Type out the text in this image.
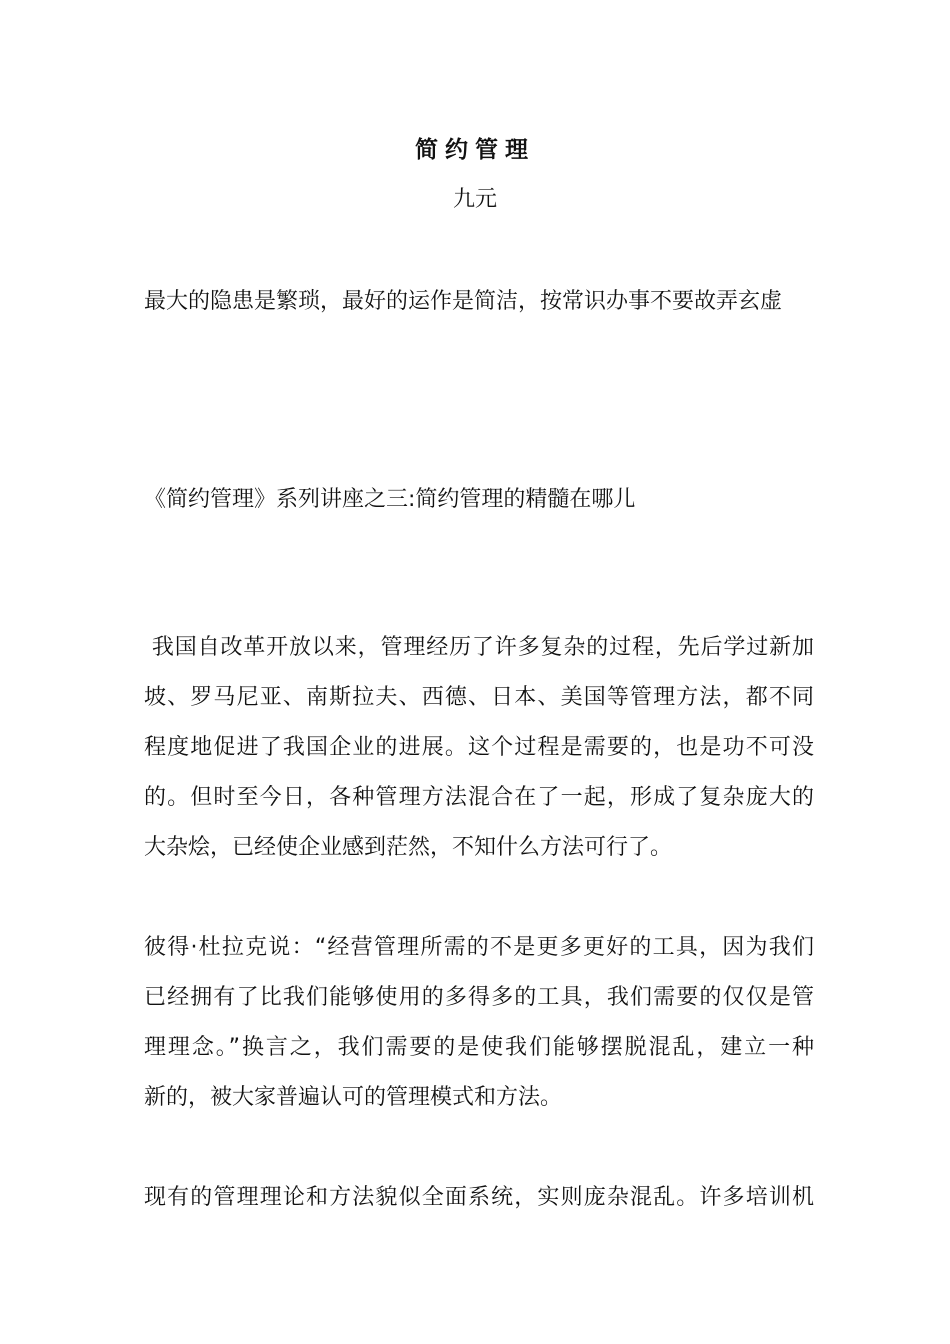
简约管理
九元
最大的隐患是繁琐，最好的运作是简洁，按常识办事不要故弄玄虚
《简约管理》系列讲座之三:简约管理的精髓在哪儿
我国自改革开放以来，管理经历了许多复杂的过程，先后学过新加
坡、罗马尼亚、南斯拉夫、西德、日本、美国等管理方法，都不同
程度地促进了我国企业的进展。这个过程是需要的，也是功不可没
的。但时至今日，各种管理方法混合在了一起，形成了复杂庞大的
大杂烩，已经使企业感到茫然，不知什么方法可行了。
彼得·杜拉克说：“经营管理所需的不是更多更好的工具，因为我们
已经拥有了比我们能够使用的多得多的工具，我们需要的仅仅是管
理理念。”换言之，我们需要的是使我们能够摆脱混乱，建立一种
新的，被大家普遍认可的管理模式和方法。
现有的管理理论和方法貌似全面系统，实则庞杂混乱。许多培训机
